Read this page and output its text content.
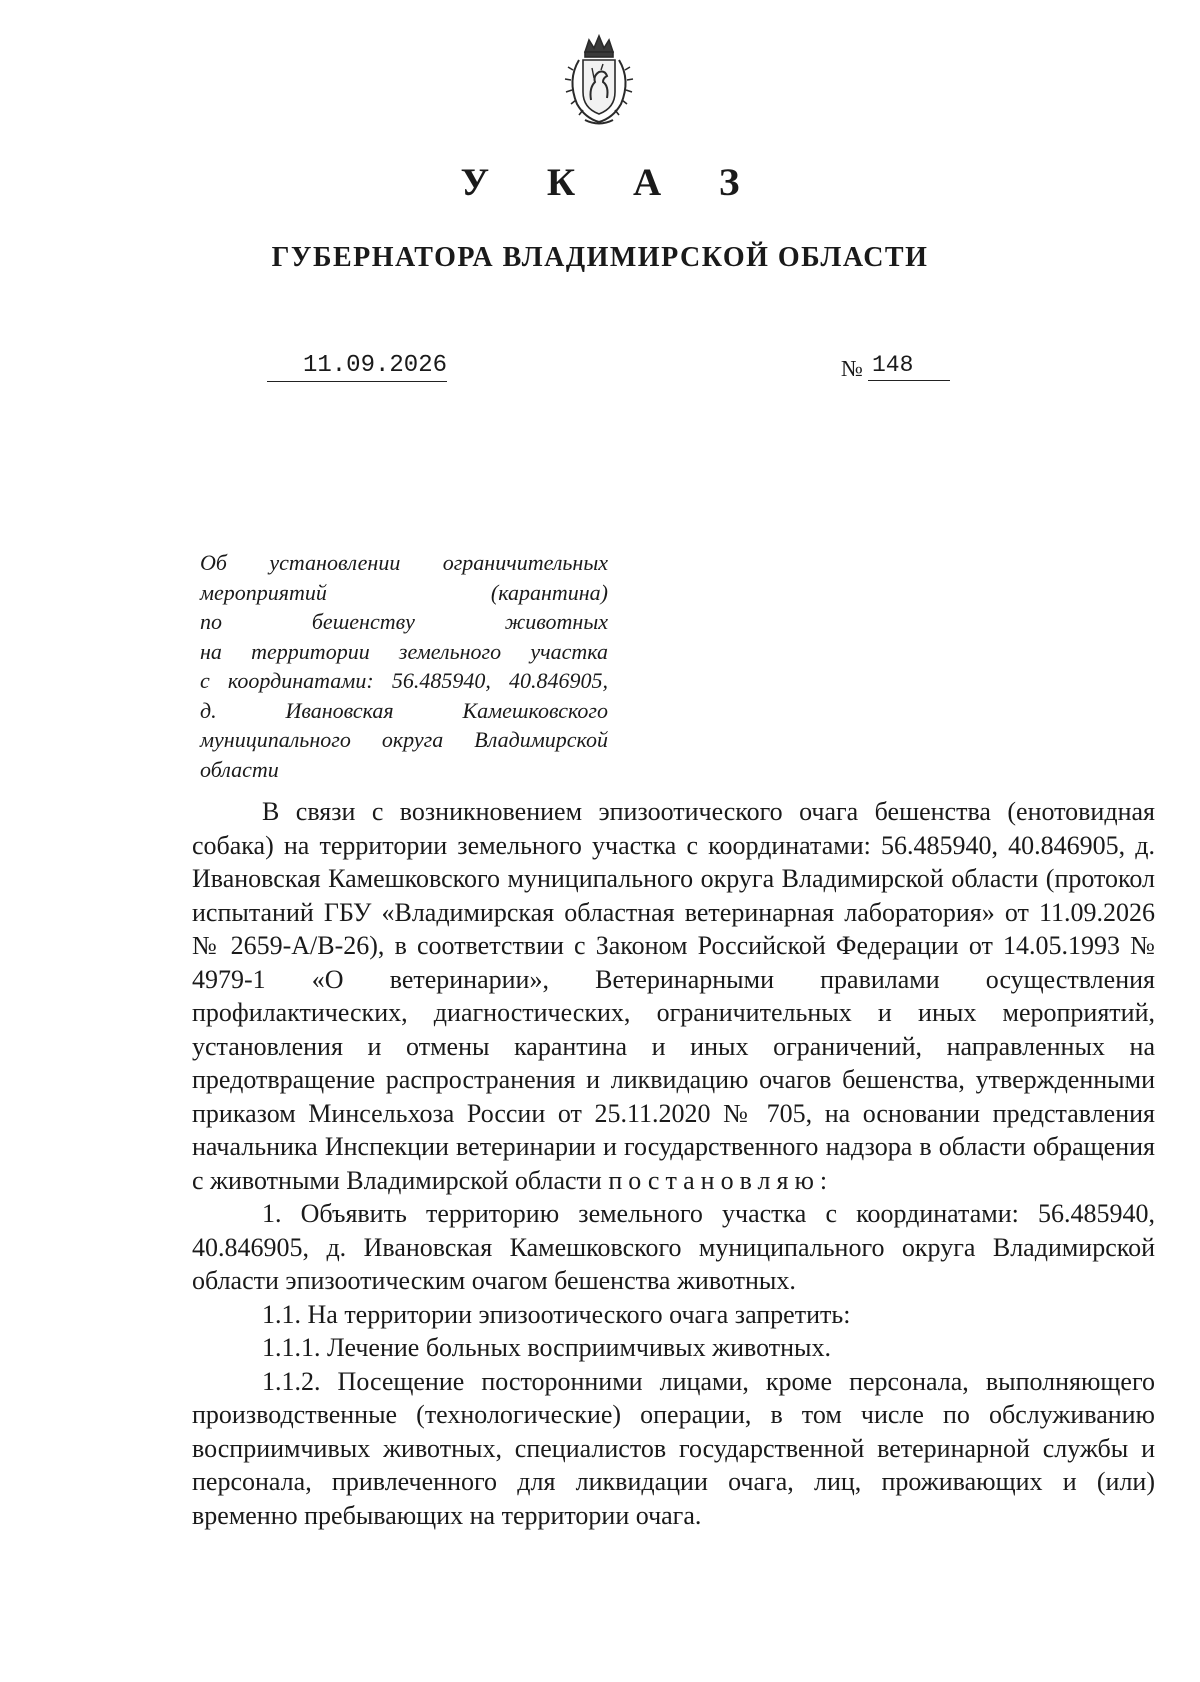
У К А З
ГУБЕРНАТОРА ВЛАДИМИРСКОЙ ОБЛАСТИ
11.09.2026	№ 148
Об установлении ограничительных
мероприятий (карантина)
по бешенству животных
на территории земельного участка
с координатами: 56.485940, 40.846905,
д. Ивановская Камешковского
муниципального округа Владимирской
области

В связи с возникновением эпизоотического очага бешенства (енотовидная собака) на территории земельного участка с координатами: 56.485940, 40.846905, д. Ивановская Камешковского муниципального округа Владимирской области (протокол испытаний ГБУ «Владимирская областная ветеринарная лаборатория» от 11.09.2026 № 2659-А/В-26), в соответствии с Законом Российской Федерации от 14.05.1993 № 4979-1 «О ветеринарии», Ветеринарными правилами осуществления профилактических, диагностических, ограничительных и иных мероприятий, установления и отмены карантина и иных ограничений, направленных на предотвращение распространения и ликвидацию очагов бешенства, утвержденными приказом Минсельхоза России от 25.11.2020 № 705, на основании представления начальника Инспекции ветеринарии и государственного надзора в области обращения с животными Владимирской области постановляю:

1. Объявить территорию земельного участка с координатами: 56.485940, 40.846905, д. Ивановская Камешковского муниципального округа Владимирской области эпизоотическим очагом бешенства животных.

1.1. На территории эпизоотического очага запретить:

1.1.1. Лечение больных восприимчивых животных.

1.1.2. Посещение посторонними лицами, кроме персонала, выполняющего производственные (технологические) операции, в том числе по обслуживанию восприимчивых животных, специалистов государственной ветеринарной службы и персонала, привлеченного для ликвидации очага, лиц, проживающих и (или) временно пребывающих на территории очага.
